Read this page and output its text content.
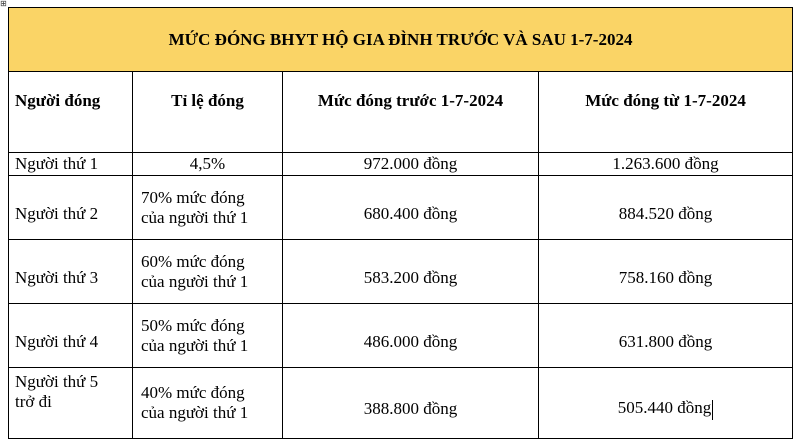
⊞
MỨC ĐÓNG BHYT HỘ GIA ĐÌNH TRƯỚC VÀ SAU 1-7-2024			

Người đóng	Tỉ lệ đóng	Mức đóng trước 1-7-2024	Mức đóng từ 1-7-2024

Người thứ 1	4,5%	972.000 đồng	1.263.600 đồng
Người thứ 2	70% mức đóng
của người thứ 1	680.400 đồng	884.520 đồng
Người thứ 3	60% mức đóng
của người thứ 1	583.200 đồng	758.160 đồng
Người thứ 4	50% mức đóng
của người thứ 1	486.000 đồng	631.800 đồng

Người thứ 5
trở đi	40% mức đóng
của người thứ 1	388.800 đồng	505.440 đồng
